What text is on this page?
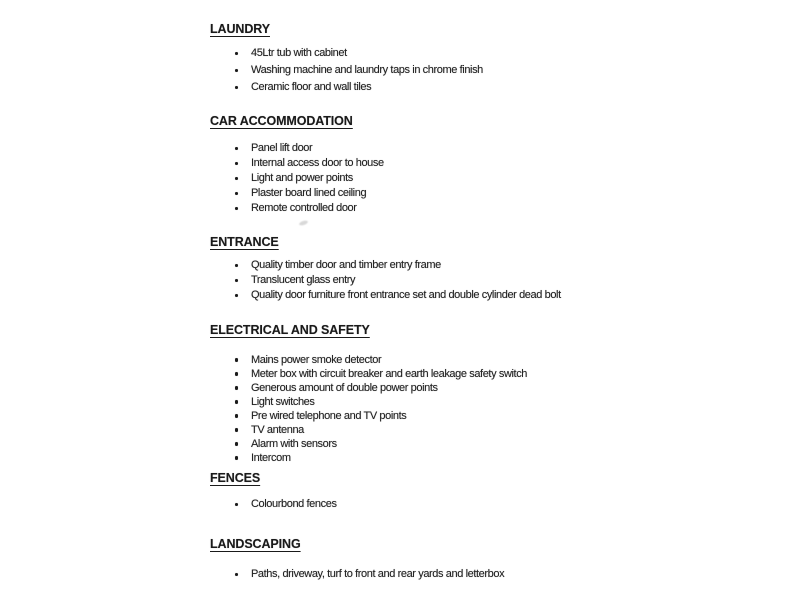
LAUNDRY
45Ltr tub with cabinet
Washing machine and laundry taps in chrome finish
Ceramic floor and wall tiles
CAR ACCOMMODATION
Panel lift door
Internal access door to house
Light and power points
Plaster board lined ceiling
Remote controlled door
ENTRANCE
Quality timber door and timber entry frame
Translucent glass entry
Quality door furniture front entrance set and double cylinder dead bolt
ELECTRICAL AND SAFETY
Mains power smoke detector
Meter box with circuit breaker and earth leakage safety switch
Generous amount of double power points
Light switches
Pre wired telephone and TV points
TV antenna
Alarm with sensors
Intercom
FENCES
Colourbond fences
LANDSCAPING
Paths, driveway, turf to front and rear yards and letterbox
